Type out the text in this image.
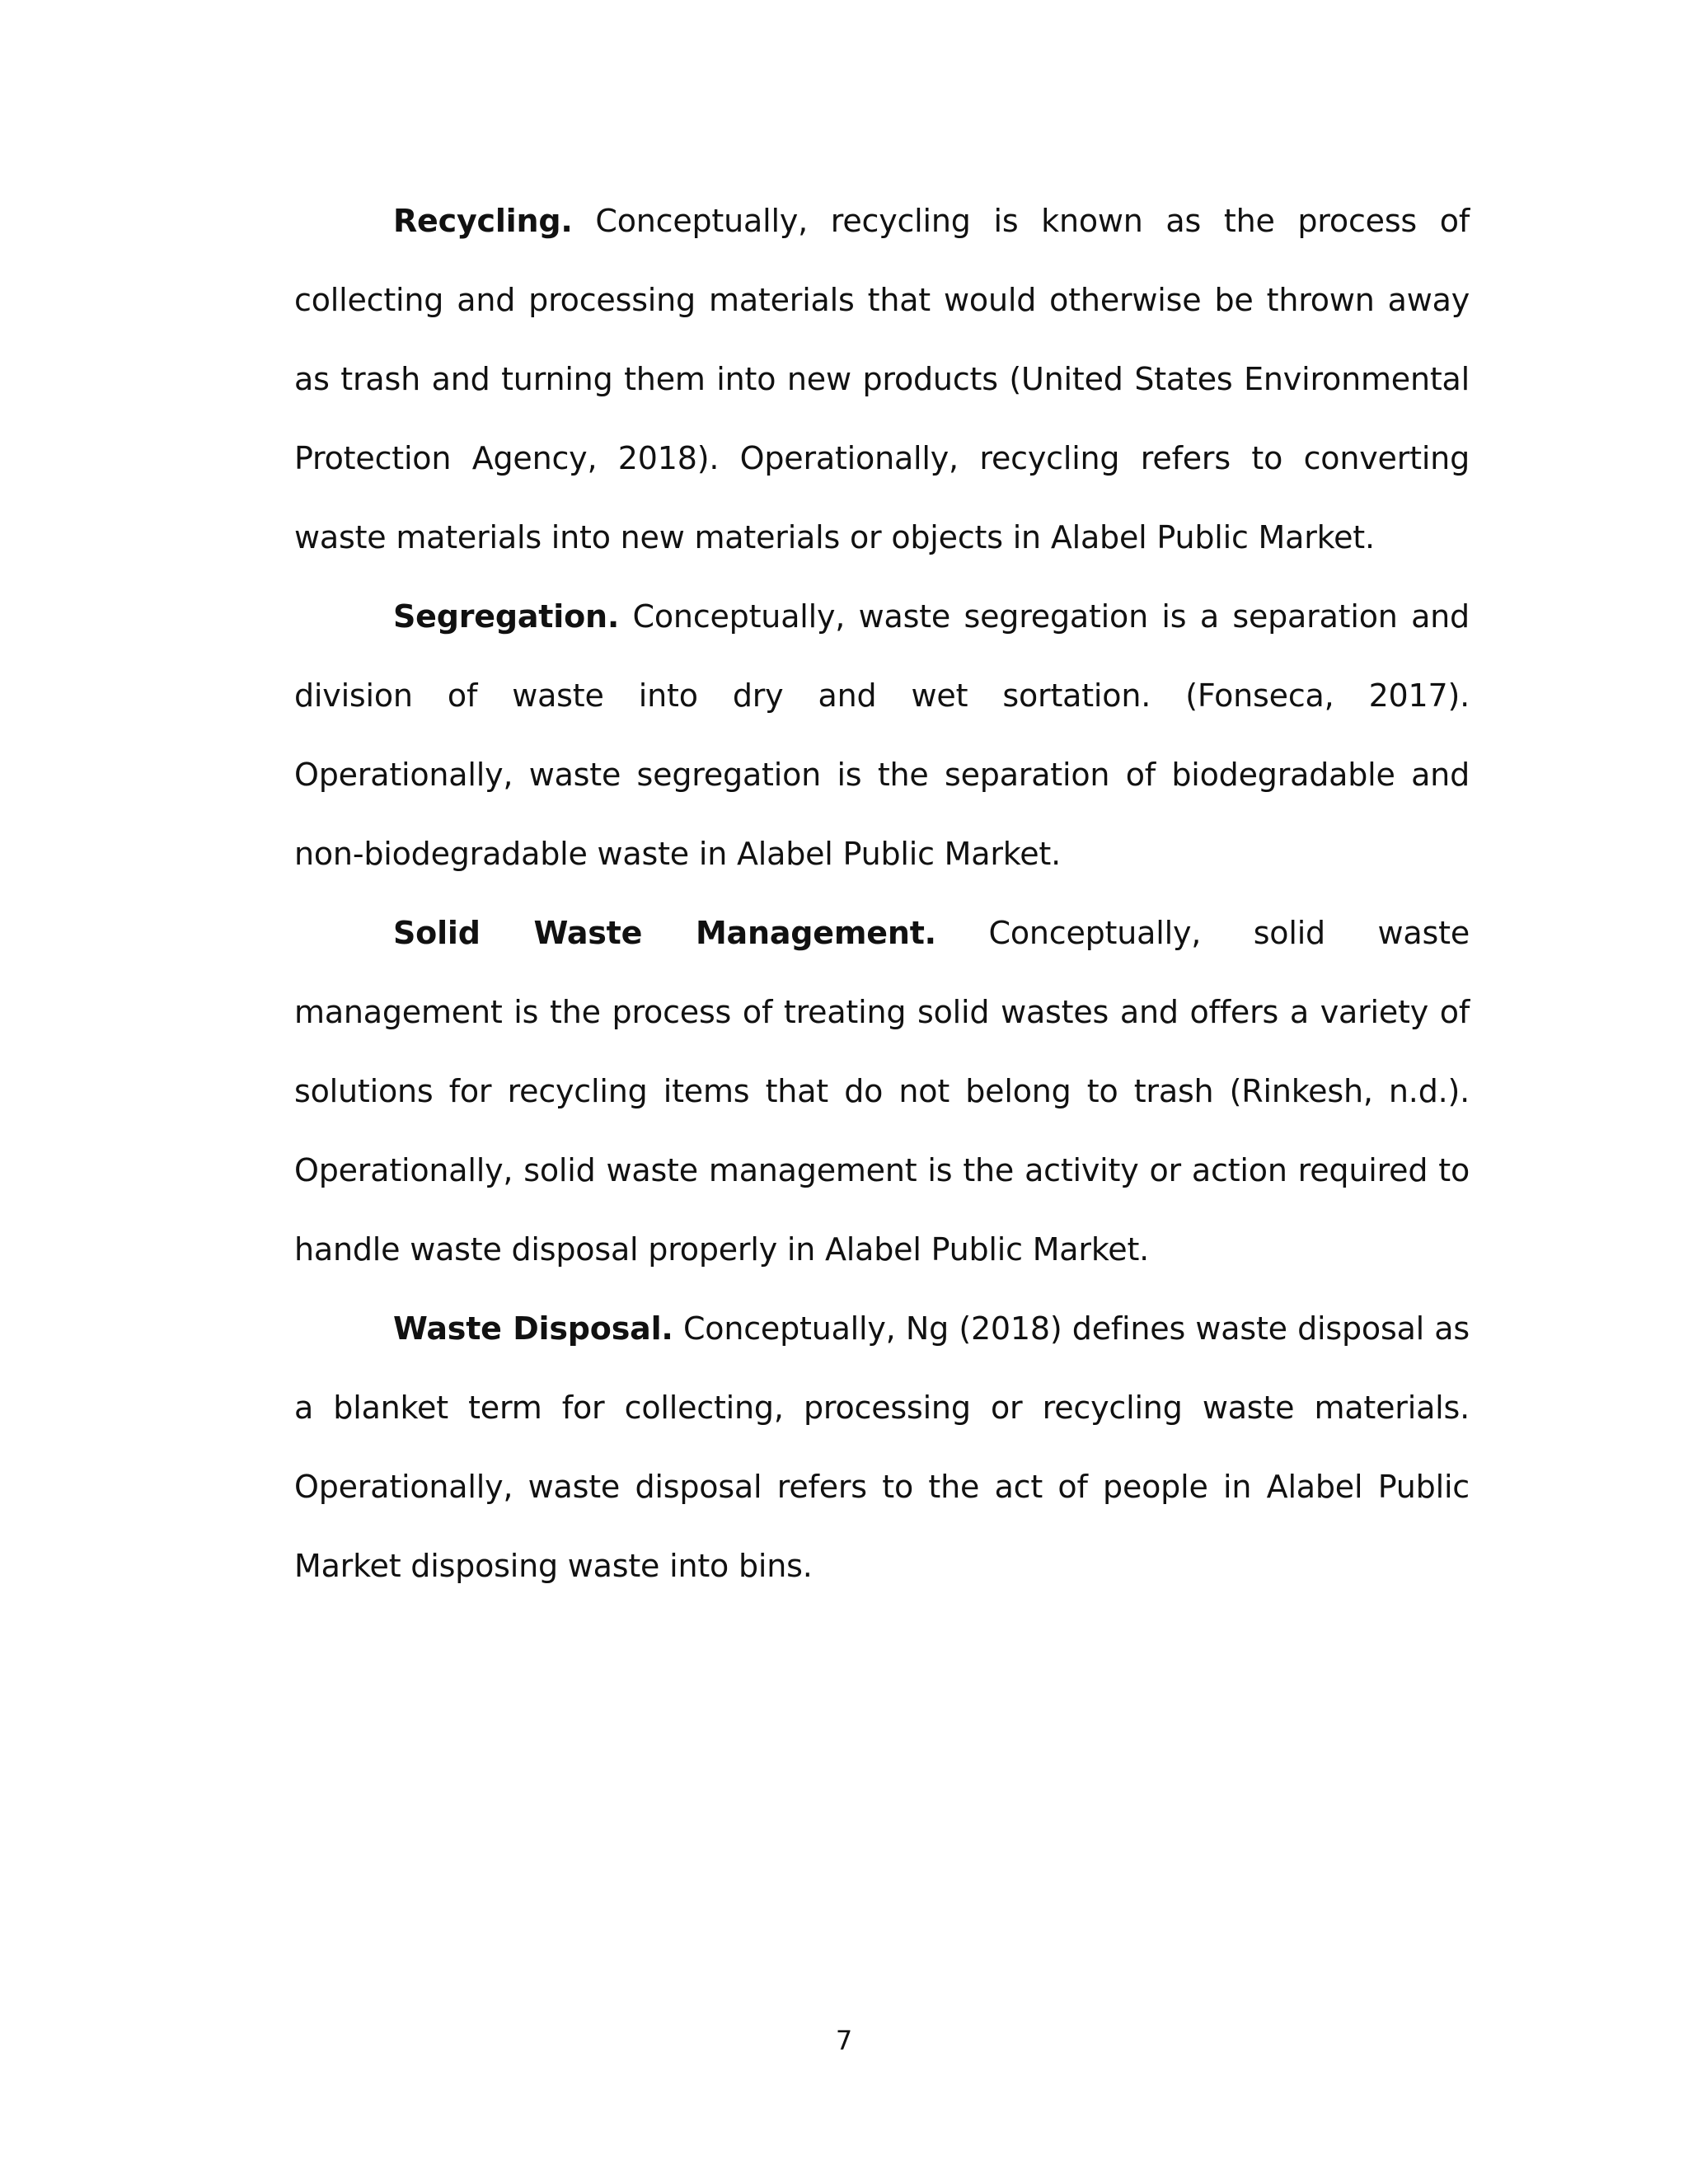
Recycling. Conceptually, recycling is known as the process of collecting and processing materials that would otherwise be thrown away as trash and turning them into new products (United States Environmental Protection Agency, 2018). Operationally, recycling refers to converting waste materials into new materials or objects in Alabel Public Market.

Segregation. Conceptually, waste segregation is a separation and division of waste into dry and wet sortation. (Fonseca, 2017). Operationally, waste segregation is the separation of biodegradable and non-biodegradable waste in Alabel Public Market.

Solid Waste Management. Conceptually, solid waste management is the process of treating solid wastes and offers a variety of solutions for recycling items that do not belong to trash (Rinkesh, n.d.). Operationally, solid waste management is the activity or action required to handle waste disposal properly in Alabel Public Market.

Waste Disposal. Conceptually, Ng (2018) defines waste disposal as a blanket term for collecting, processing or recycling waste materials. Operationally, waste disposal refers to the act of people in Alabel Public Market disposing waste into bins.

7
